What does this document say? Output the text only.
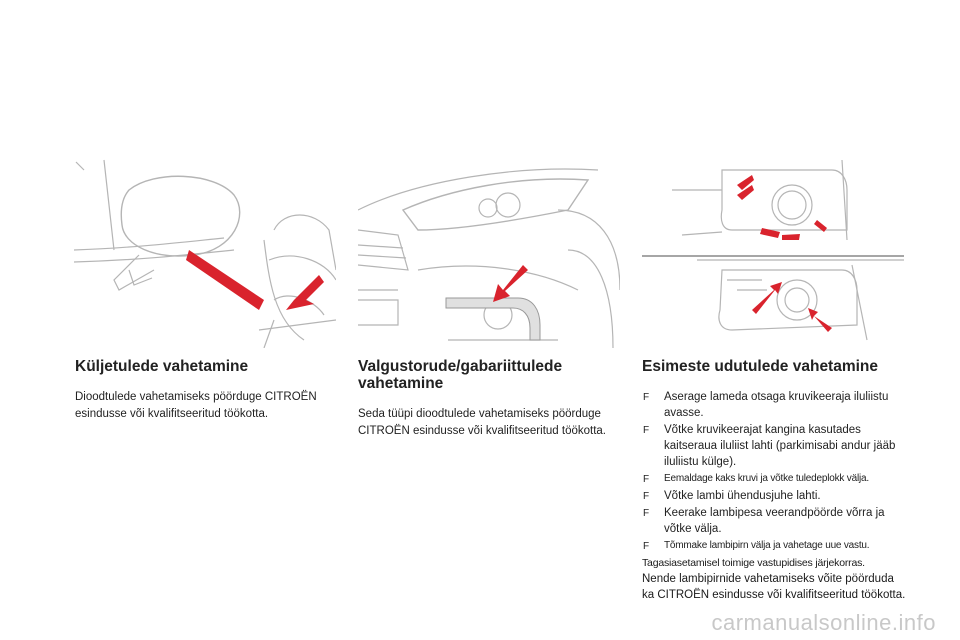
Küljetulede vahetamine

Dioodtulede vahetamiseks pöörduge CITROËN esindusse või kvalifitseeritud töökotta.

Valgustorude/gabariittulede vahetamine

Seda tüüpi dioodtulede vahetamiseks pöörduge CITROËN esindusse või kvalifitseeritud töökotta.

Esimeste udutulede vahetamine
F Aserage lameda otsaga kruvikeeraja iluliistu avasse.
F Võtke kruvikeerajat kangina kasutades kaitseraua iluliist lahti (parkimisabi andur jääb iluliistu külge).
F Eemaldage kaks kruvi ja võtke tuledeplokk välja.
F Võtke lambi ühendusjuhe lahti.
F Keerake lambipesa veerandpöörde võrra ja võtke välja.
F Tõmmake lambipirn välja ja vahetage uue vastu.

Tagasiasetamisel toimige vastupidises järjekorras.

Nende lambipirnide vahetamiseks võite pöörduda ka CITROËN esindusse või kvalifitseeritud töökotta.

carmanualsonline.info
